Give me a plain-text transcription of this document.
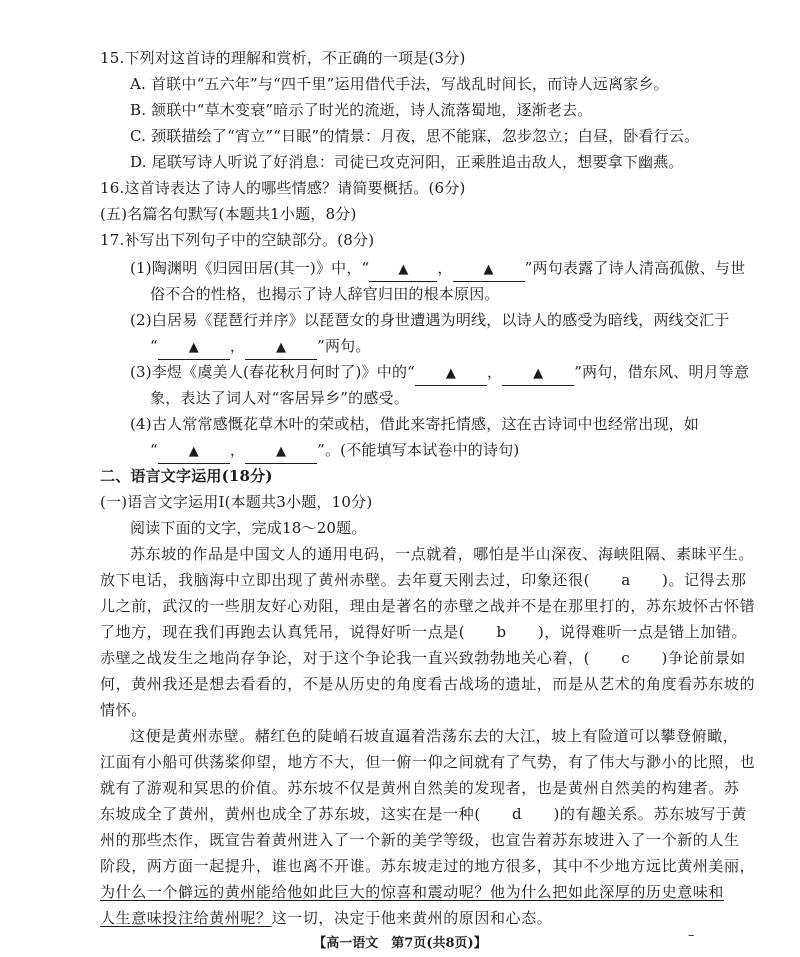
15.下列对这首诗的理解和赏析，不正确的一项是(3分)
A. 首联中“五六年”与“四千里”运用借代手法，写战乱时间长，而诗人远离家乡。
B. 颔联中“草木变衰”暗示了时光的流逝，诗人流落蜀地，逐渐老去。
C. 颈联描绘了“宵立”“日眠”的情景：月夜，思不能寐，忽步忽立；白昼，卧看行云。
D. 尾联写诗人听说了好消息：司徒已攻克河阳，正乘胜追击敌人，想要拿下幽燕。
16.这首诗表达了诗人的哪些情感？请简要概括。(6分)
(五)名篇名句默写(本题共1小题，8分)
17.补写出下列句子中的空缺部分。(8分)
(1)陶渊明《归园田居(其一)》中，“ ▲ ， ▲ ”两句表露了诗人清高孤傲、与世
俗不合的性格，也揭示了诗人辞官归田的根本原因。
(2)白居易《琵琶行并序》以琵琶女的身世遭遇为明线，以诗人的感受为暗线，两线交汇于
“ ▲ ， ▲ ”两句。
(3)李煜《虞美人(春花秋月何时了)》中的“ ▲ ， ▲ ”两句，借东风、明月等意
象，表达了词人对“客居异乡”的感受。
(4)古人常常感慨花草木叶的荣或枯，借此来寄托情感，这在古诗词中也经常出现，如
“ ▲ ， ▲ ”。(不能填写本试卷中的诗句)
二、语言文字运用(18分)
(一)语言文字运用Ⅰ(本题共3小题，10分)
阅读下面的文字，完成18～20题。
苏东坡的作品是中国文人的通用电码，一点就着，哪怕是半山深夜、海峡阻隔、素昧平生。
放下电话，我脑海中立即出现了黄州赤壁。去年夏天刚去过，印象还很(　　a　　)。记得去那
儿之前，武汉的一些朋友好心劝阻，理由是著名的赤壁之战并不是在那里打的，苏东坡怀古怀错
了地方，现在我们再跑去认真凭吊，说得好听一点是(　　b　　)，说得难听一点是错上加错。
赤壁之战发生之地尚存争论，对于这个争论我一直兴致勃勃地关心着，(　　c　　)争论前景如
何，黄州我还是想去看看的，不是从历史的角度看古战场的遗址，而是从艺术的角度看苏东坡的
情怀。
这便是黄州赤壁。赭红色的陡峭石坡直逼着浩荡东去的大江，坡上有险道可以攀登俯瞰，
江面有小船可供荡桨仰望，地方不大，但一俯一仰之间就有了气势，有了伟大与渺小的比照，也
就有了游观和冥思的价值。苏东坡不仅是黄州自然美的发现者，也是黄州自然美的构建者。苏
东坡成全了黄州，黄州也成全了苏东坡，这实在是一种(　　d　　)的有趣关系。苏东坡写于黄
州的那些杰作，既宣告着黄州进入了一个新的美学等级，也宣告着苏东坡进入了一个新的人生
阶段，两方面一起提升，谁也离不开谁。苏东坡走过的地方很多，其中不少地方远比黄州美丽，
为什么一个僻远的黄州能给他如此巨大的惊喜和震动呢？他为什么把如此深厚的历史意味和
人生意味投注给黄州呢？这一切，决定于他来黄州的原因和心态。
【高一语文　第7页(共8页)】
–
